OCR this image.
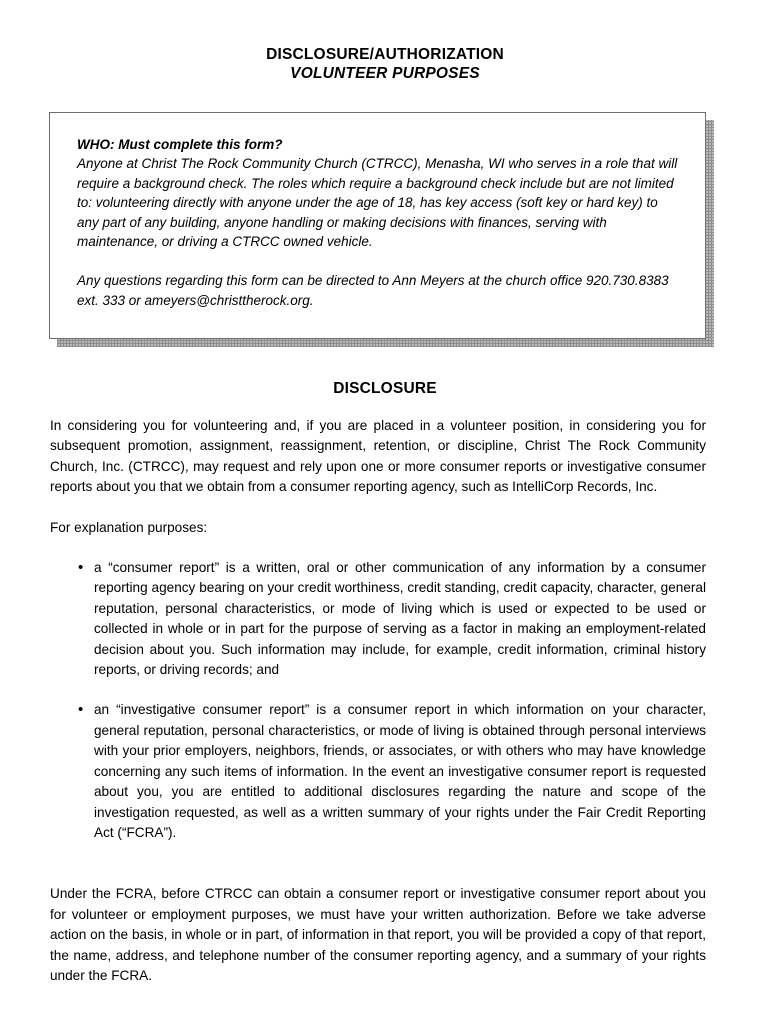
DISCLOSURE/AUTHORIZATION
VOLUNTEER PURPOSES

WHO: Must complete this form?

Anyone at Christ The Rock Community Church (CTRCC), Menasha, WI who serves in a role that will require a background check. The roles which require a background check include but are not limited to: volunteering directly with anyone under the age of 18, has key access (soft key or hard key) to any part of any building, anyone handling or making decisions with finances, serving with maintenance, or driving a CTRCC owned vehicle.

Any questions regarding this form can be directed to Ann Meyers at the church office 920.730.8383 ext. 333 or ameyers@christtherock.org.

DISCLOSURE

In considering you for volunteering and, if you are placed in a volunteer position, in considering you for subsequent promotion, assignment, reassignment, retention, or discipline, Christ The Rock Community Church, Inc. (CTRCC), may request and rely upon one or more consumer reports or investigative consumer reports about you that we obtain from a consumer reporting agency, such as IntelliCorp Records, Inc.

For explanation purposes:

• a “consumer report” is a written, oral or other communication of any information by a consumer reporting agency bearing on your credit worthiness, credit standing, credit capacity, character, general reputation, personal characteristics, or mode of living which is used or expected to be used or collected in whole or in part for the purpose of serving as a factor in making an employment-related decision about you. Such information may include, for example, credit information, criminal history reports, or driving records; and
• an “investigative consumer report” is a consumer report in which information on your character, general reputation, personal characteristics, or mode of living is obtained through personal interviews with your prior employers, neighbors, friends, or associates, or with others who may have knowledge concerning any such items of information. In the event an investigative consumer report is requested about you, you are entitled to additional disclosures regarding the nature and scope of the investigation requested, as well as a written summary of your rights under the Fair Credit Reporting Act (“FCRA”).

Under the FCRA, before CTRCC can obtain a consumer report or investigative consumer report about you for volunteer or employment purposes, we must have your written authorization. Before we take adverse action on the basis, in whole or in part, of information in that report, you will be provided a copy of that report, the name, address, and telephone number of the consumer reporting agency, and a summary of your rights under the FCRA.
